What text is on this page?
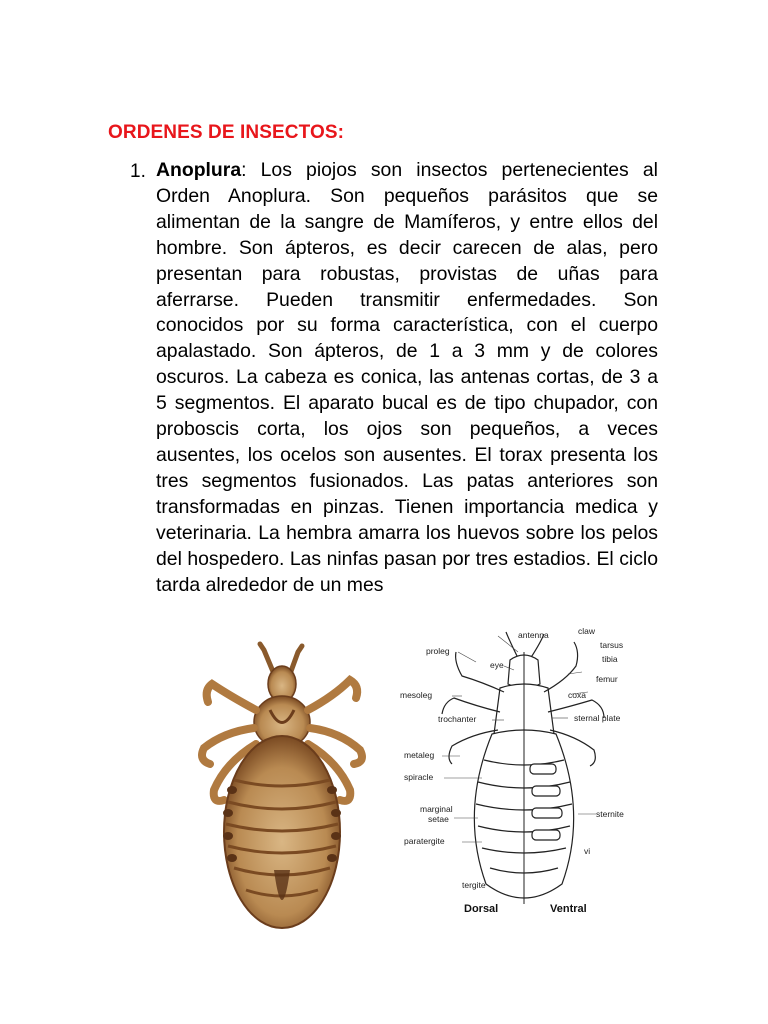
ORDENES DE INSECTOS:
1. Anoplura: Los piojos son insectos pertenecientes al Orden Anoplura. Son pequeños parásitos que se alimentan de la sangre de Mamíferos, y entre ellos del hombre. Son ápteros, es decir carecen de alas, pero presentan para robustas, provistas de uñas para aferrarse. Pueden transmitir enfermedades. Son conocidos por su forma característica, con el cuerpo apalastado. Son ápteros, de 1 a 3 mm y de colores oscuros. La cabeza es conica, las antenas cortas, de 3 a 5 segmentos. El aparato bucal es de tipo chupador, con proboscis corta, los ojos son pequeños, a veces ausentes, los ocelos son ausentes. El torax presenta los tres segmentos fusionados. Las patas anteriores son transformadas en pinzas. Tienen importancia medica y veterinaria. La hembra amarra los huevos sobre los pelos del hospedero. Las ninfas pasan por tres estadios. El ciclo tarda alrededor de un mes
antenna	claw
tarsus
proleg
eye
tibia
femur
mesoleg	coxa
trochanter	sternal plate
metaleg
spiracle
marginal
setae	sternite
paratergite
vi
tergite
Dorsal	Ventral
